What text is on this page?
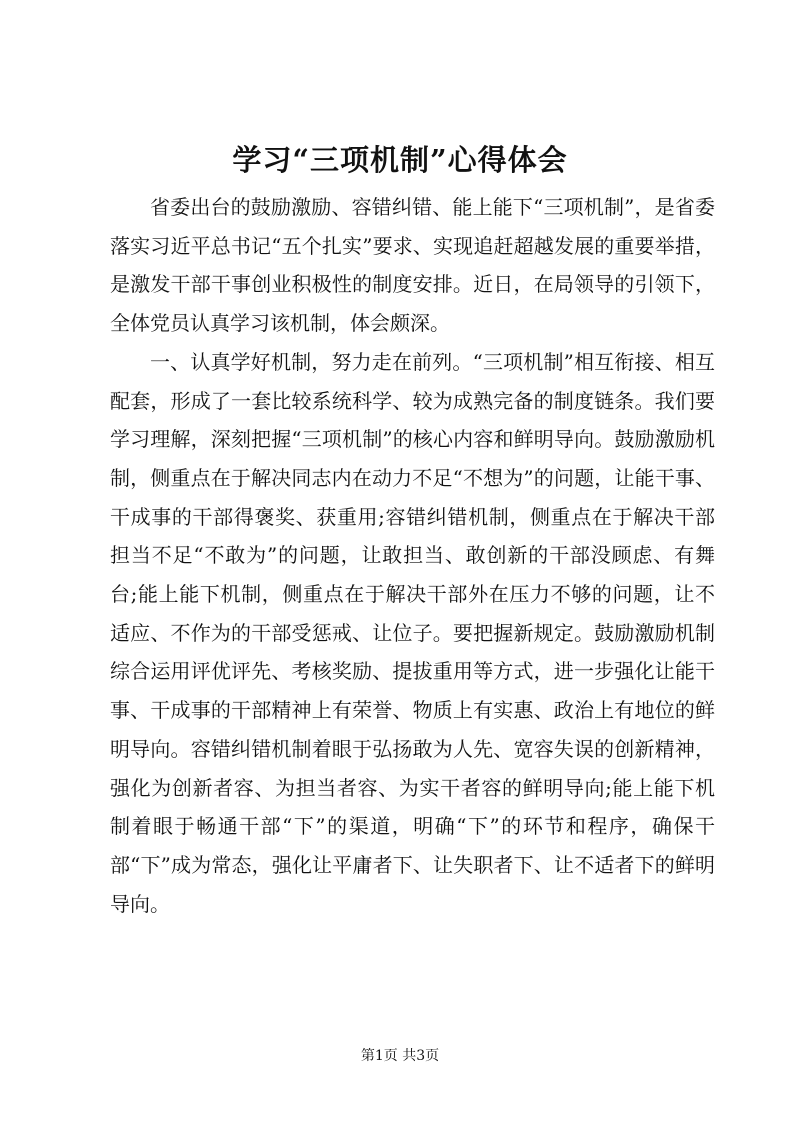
学习“三项机制”心得体会

省委出台的鼓励激励、容错纠错、能上能下“三项机制”，是省委落实习近平总书记“五个扎实”要求、实现追赶超越发展的重要举措，是激发干部干事创业积极性的制度安排。近日，在局领导的引领下，全体党员认真学习该机制，体会颇深。

一、认真学好机制，努力走在前列。“三项机制”相互衔接、相互配套，形成了一套比较系统科学、较为成熟完备的制度链条。我们要学习理解，深刻把握“三项机制”的核心内容和鲜明导向。鼓励激励机制，侧重点在于解决同志内在动力不足“不想为”的问题，让能干事、干成事的干部得褒奖、获重用;容错纠错机制，侧重点在于解决干部担当不足“不敢为”的问题，让敢担当、敢创新的干部没顾虑、有舞台;能上能下机制，侧重点在于解决干部外在压力不够的问题，让不适应、不作为的干部受惩戒、让位子。要把握新规定。鼓励激励机制综合运用评优评先、考核奖励、提拔重用等方式，进一步强化让能干事、干成事的干部精神上有荣誉、物质上有实惠、政治上有地位的鲜明导向。容错纠错机制着眼于弘扬敢为人先、宽容失误的创新精神，强化为创新者容、为担当者容、为实干者容的鲜明导向;能上能下机制着眼于畅通干部“下”的渠道，明确“下”的环节和程序，确保干部“下”成为常态，强化让平庸者下、让失职者下、让不适者下的鲜明导向。

第1页 共3页
